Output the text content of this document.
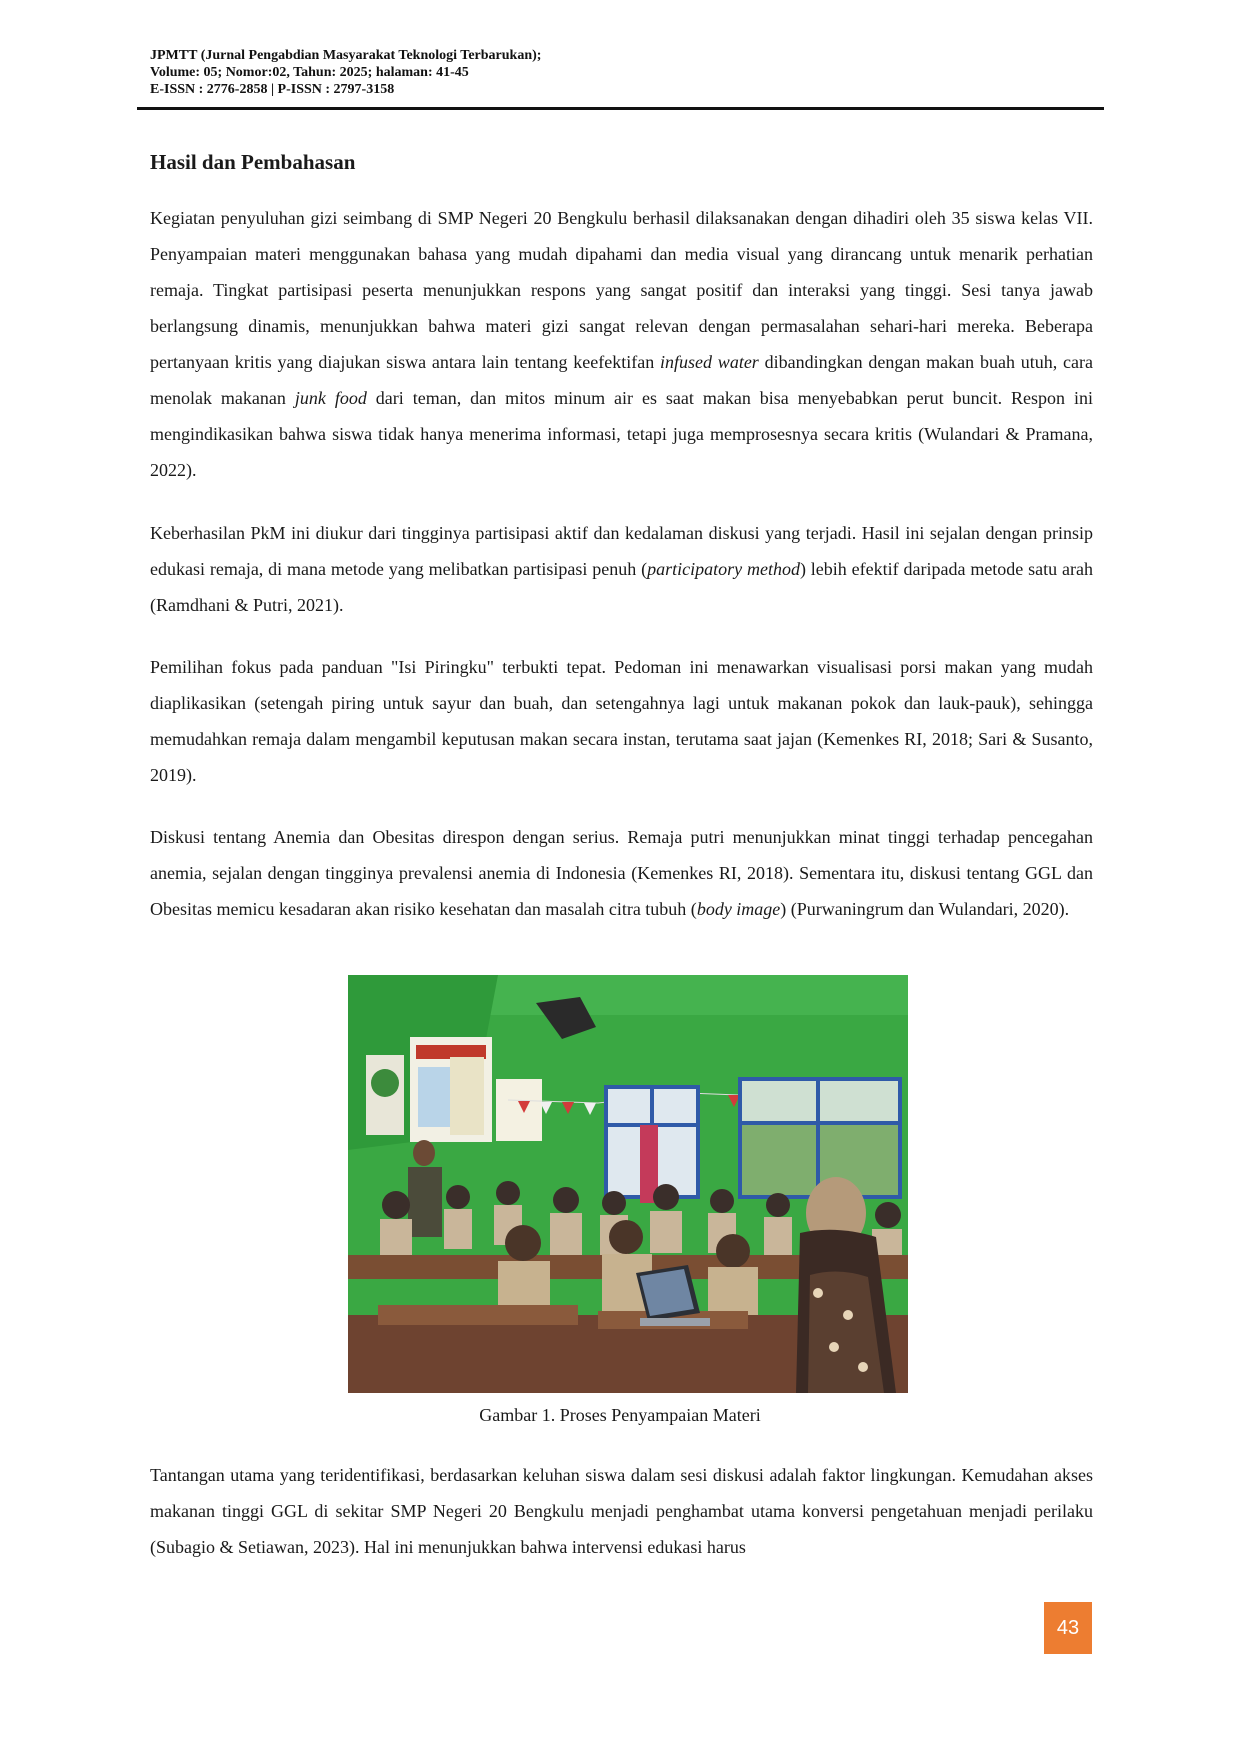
JPMTT (Jurnal Pengabdian Masyarakat Teknologi Terbarukan);
Volume: 05; Nomor:02, Tahun: 2025; halaman: 41-45
E-ISSN : 2776-2858 | P-ISSN : 2797-3158
Hasil dan Pembahasan

Kegiatan penyuluhan gizi seimbang di SMP Negeri 20 Bengkulu berhasil dilaksanakan dengan dihadiri oleh 35 siswa kelas VII. Penyampaian materi menggunakan bahasa yang mudah dipahami dan media visual yang dirancang untuk menarik perhatian remaja. Tingkat partisipasi peserta menunjukkan respons yang sangat positif dan interaksi yang tinggi. Sesi tanya jawab berlangsung dinamis, menunjukkan bahwa materi gizi sangat relevan dengan permasalahan sehari-hari mereka. Beberapa pertanyaan kritis yang diajukan siswa antara lain tentang keefektifan infused water dibandingkan dengan makan buah utuh, cara menolak makanan junk food dari teman, dan mitos minum air es saat makan bisa menyebabkan perut buncit. Respon ini mengindikasikan bahwa siswa tidak hanya menerima informasi, tetapi juga memprosesnya secara kritis (Wulandari & Pramana, 2022).

Keberhasilan PkM ini diukur dari tingginya partisipasi aktif dan kedalaman diskusi yang terjadi. Hasil ini sejalan dengan prinsip edukasi remaja, di mana metode yang melibatkan partisipasi penuh (participatory method) lebih efektif daripada metode satu arah (Ramdhani & Putri, 2021).

Pemilihan fokus pada panduan "Isi Piringku" terbukti tepat. Pedoman ini menawarkan visualisasi porsi makan yang mudah diaplikasikan (setengah piring untuk sayur dan buah, dan setengahnya lagi untuk makanan pokok dan lauk-pauk), sehingga memudahkan remaja dalam mengambil keputusan makan secara instan, terutama saat jajan (Kemenkes RI, 2018; Sari & Susanto, 2019).

Diskusi tentang Anemia dan Obesitas direspon dengan serius. Remaja putri menunjukkan minat tinggi terhadap pencegahan anemia, sejalan dengan tingginya prevalensi anemia di Indonesia (Kemenkes RI, 2018). Sementara itu, diskusi tentang GGL dan Obesitas memicu kesadaran akan risiko kesehatan dan masalah citra tubuh (body image) (Purwaningrum dan Wulandari, 2020).

Gambar 1. Proses Penyampaian Materi

Tantangan utama yang teridentifikasi, berdasarkan keluhan siswa dalam sesi diskusi adalah faktor lingkungan. Kemudahan akses makanan tinggi GGL di sekitar SMP Negeri 20 Bengkulu menjadi penghambat utama konversi pengetahuan menjadi perilaku (Subagio & Setiawan, 2023). Hal ini menunjukkan bahwa intervensi edukasi harus

43
